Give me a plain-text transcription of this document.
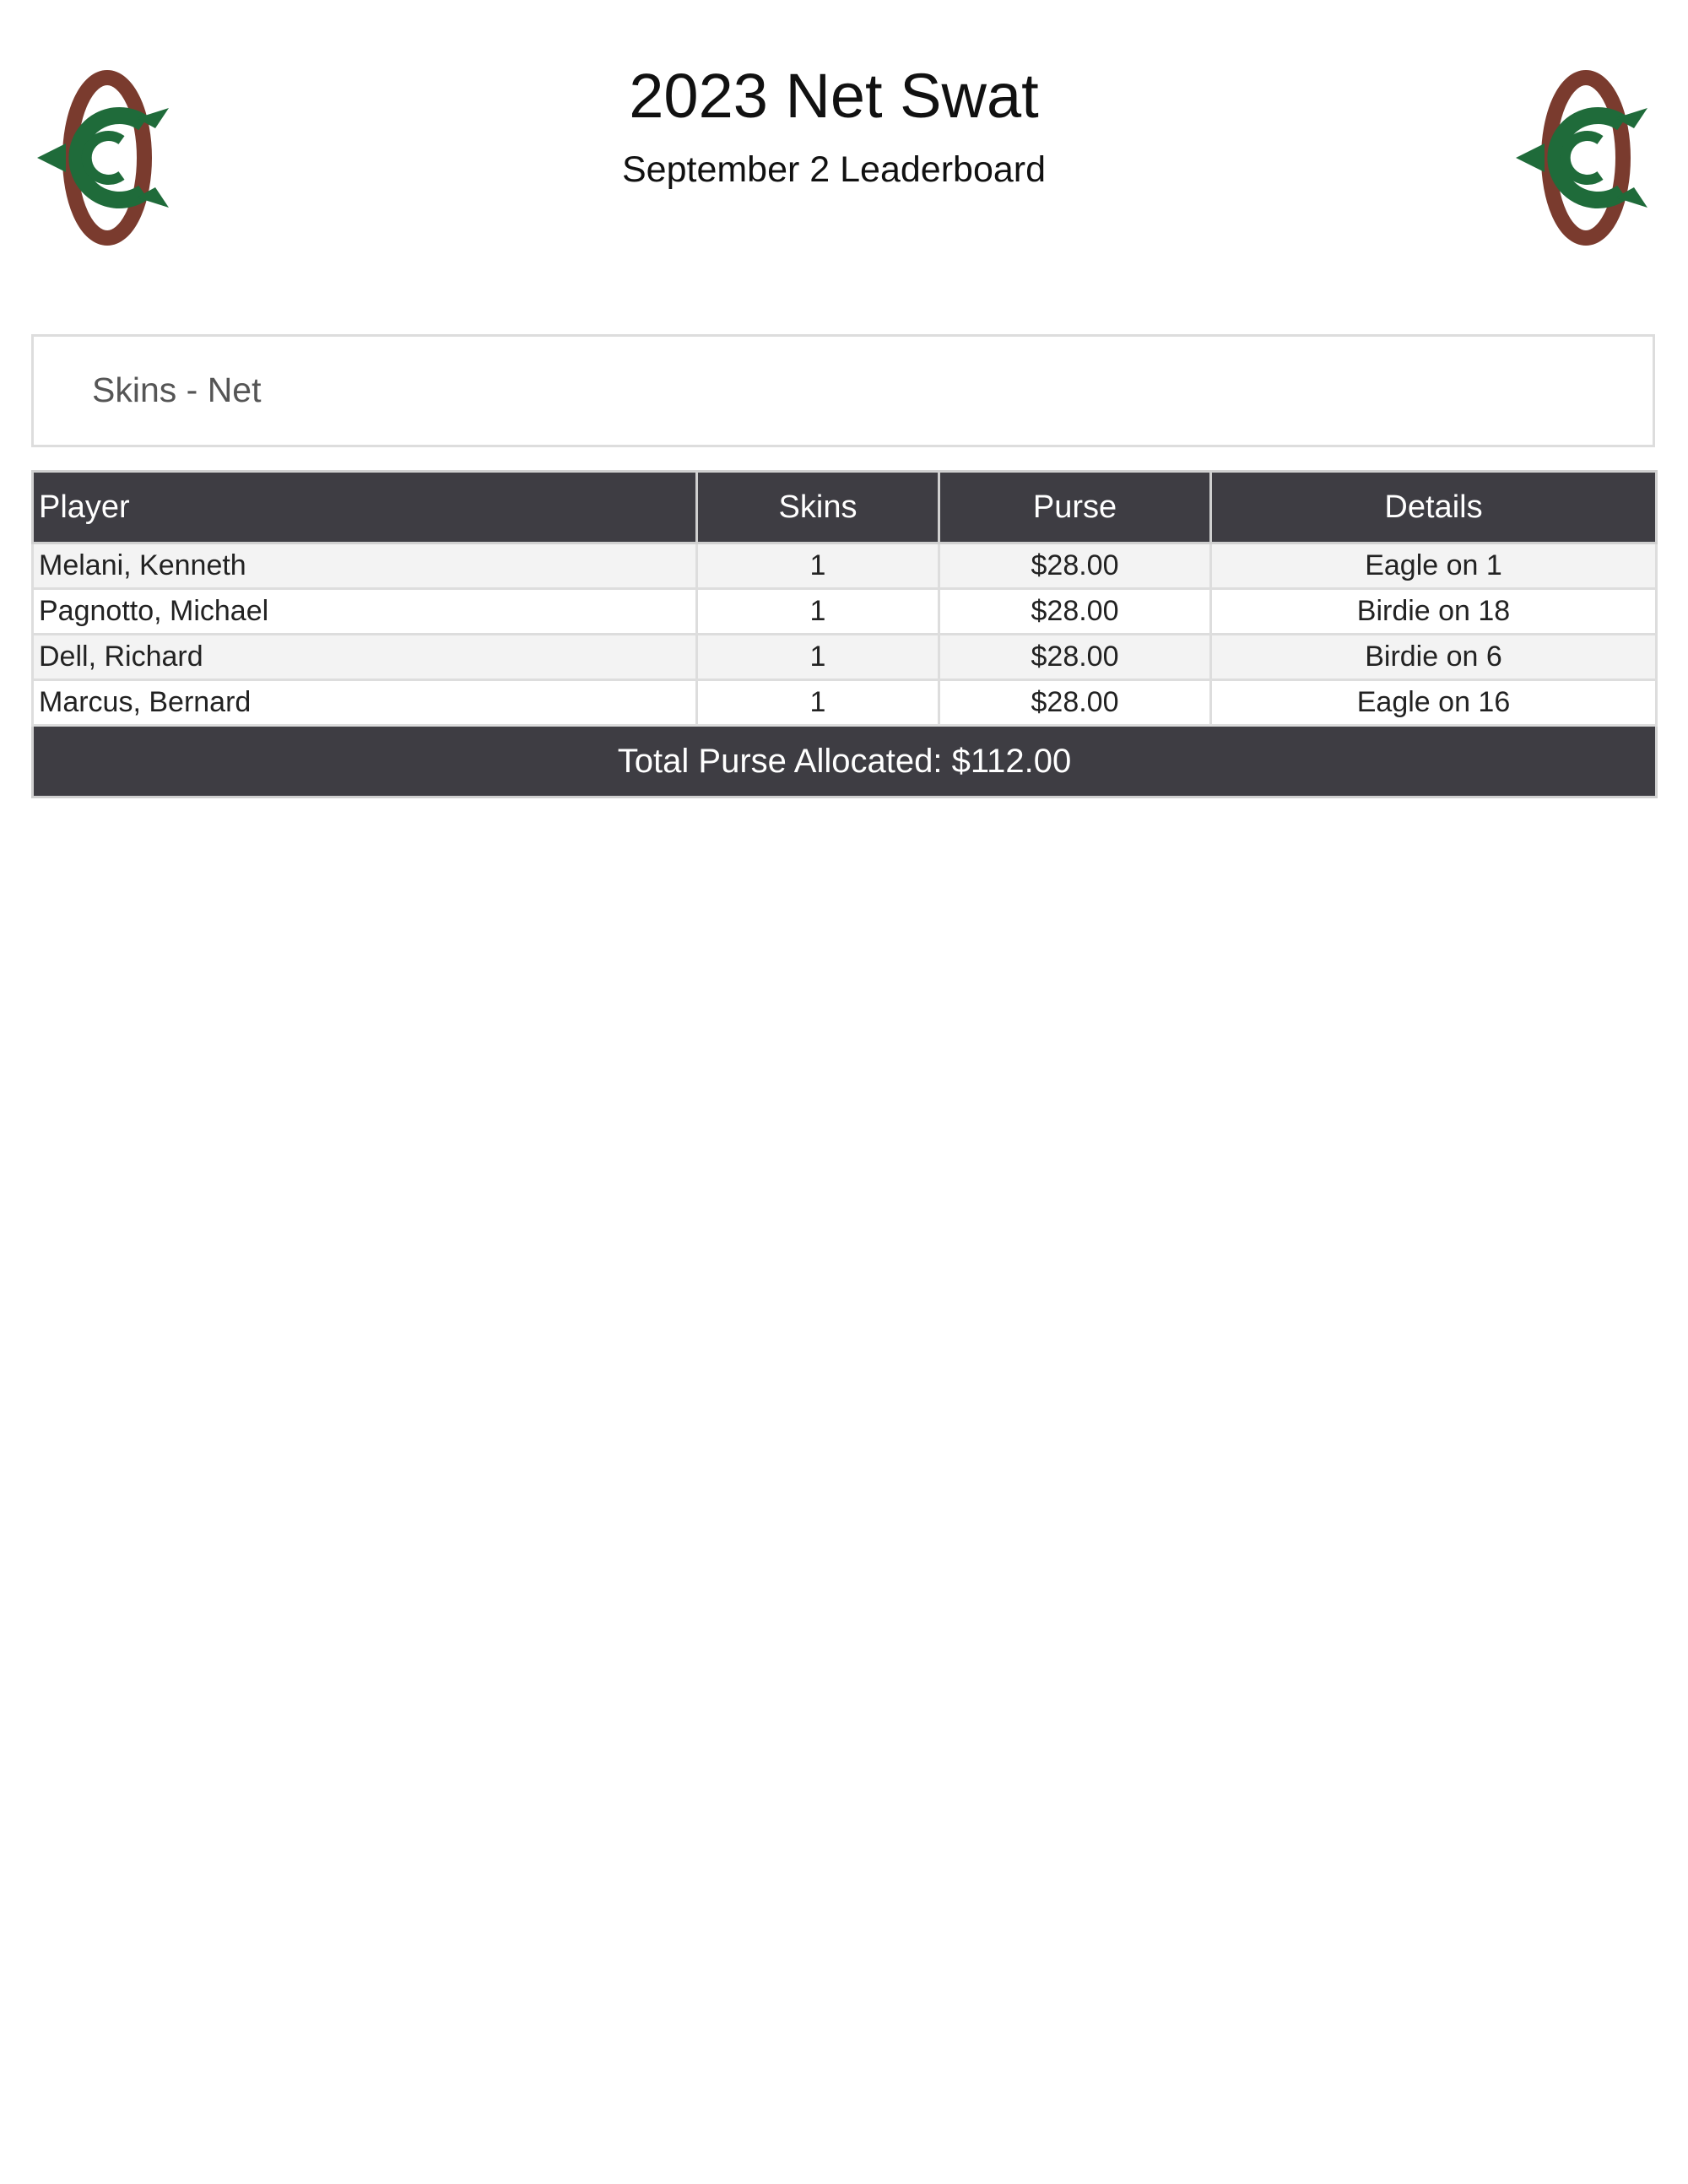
2023 Net Swat
September 2 Leaderboard
Skins - Net
Player	Skins	Purse	Details
Melani, Kenneth	1	$28.00	Eagle on 1
Pagnotto, Michael	1	$28.00	Birdie on 18
Dell, Richard	1	$28.00	Birdie on 6
Marcus, Bernard	1	$28.00	Eagle on 16
Total Purse Allocated: $112.00			
